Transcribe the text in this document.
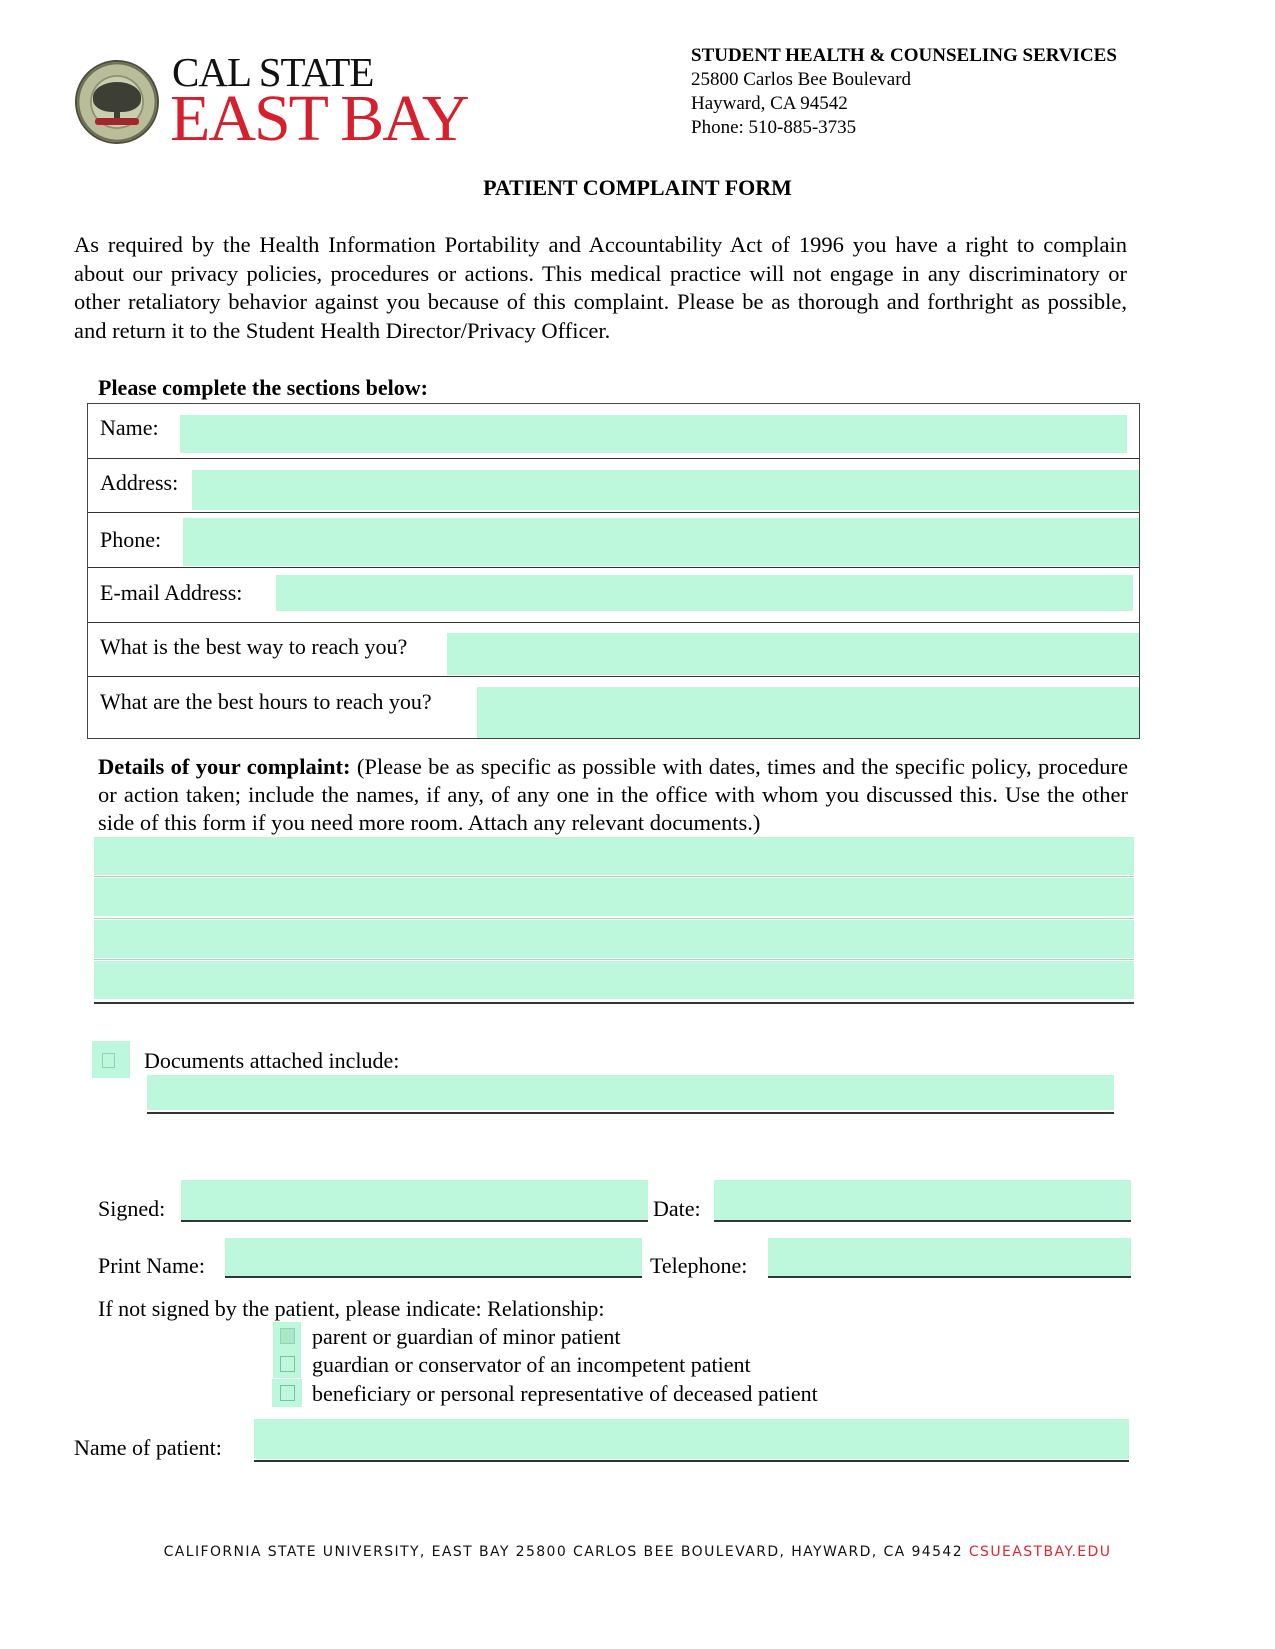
CAL STATE
EAST BAY
STUDENT HEALTH & COUNSELING SERVICES
25800 Carlos Bee Boulevard
Hayward, CA 94542
Phone: 510-885-3735
PATIENT COMPLAINT FORM

As required by the Health Information Portability and Accountability Act of 1996 you have a right to complain about our privacy policies, procedures or actions. This medical practice will not engage in any discriminatory or other retaliatory behavior against you because of this complaint. Please be as thorough and forthright as possible, and return it to the Student Health Director/Privacy Officer.

Please complete the sections below:
Name:
Address:
Phone:
E-mail Address:
What is the best way to reach you?
What are the best hours to reach you?
Details of your complaint: (Please be as specific as possible with dates, times and the specific policy, procedure or action taken; include the names, if any, of any one in the office with whom you discussed this. Use the other side of this form if you need more room. Attach any relevant documents.)
Documents attached include:
Signed:	Date:
Print Name:	Telephone:
If not signed by the patient, please indicate: Relationship:
parent or guardian of minor patient
guardian or conservator of an incompetent patient
beneficiary or personal representative of deceased patient
Name of patient:
CALIFORNIA STATE UNIVERSITY, EAST BAY 25800 CARLOS BEE BOULEVARD, HAYWARD, CA 94542 CSUEASTBAY.EDU
